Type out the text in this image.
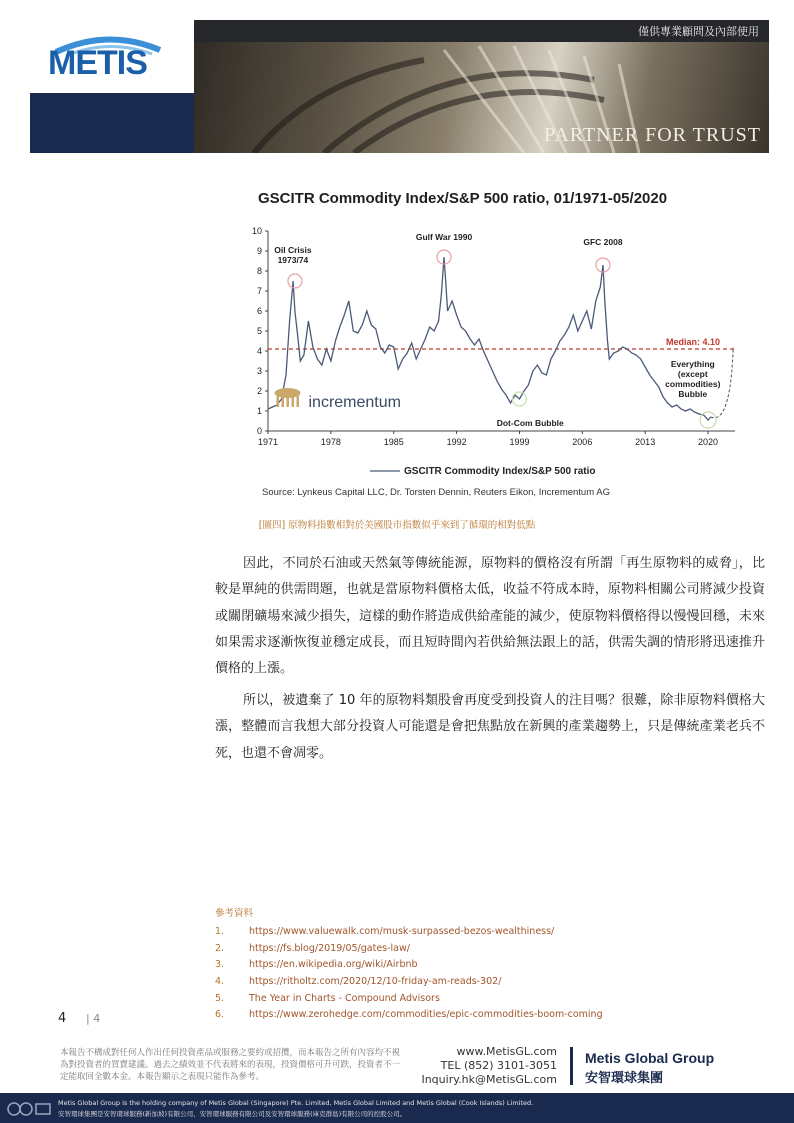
METIS
僅供專業顧問及內部使用
PARTNER FOR TRUST
GSCITR Commodity Index/S&P 500 ratio, 01/1971-05/2020
0
1
2
3
4
5
6
7
8
9
10
1971	1978	1985	1992	1999	2006	2013	2020
Median: 4.10
Oil Crisis
1973/74
Gulf War 1990	GFC 2008
Dot-Com Bubble
Everything
(except
commodities)
Bubble
incrementum
GSCITR Commodity Index/S&P 500 ratio
Source: Lynkeus Capital LLC, Dr. Torsten Dennin, Reuters Eikon, Incrementum AG
[圖四] 原物料指數相對於美國股市指數似乎來到了循環的相對低點
因此，不同於石油或天然氣等傳統能源，原物料的價格沒有所謂「再生原物料的威脅」，比較是單純的供需問題，也就是當原物料價格太低，收益不符成本時，原物料相關公司將減少投資或關閉礦場來減少損失，這樣的動作將造成供給產能的減少，使原物料價格得以慢慢回穩，未來如果需求逐漸恢復並穩定成長，而且短時間內若供給無法跟上的話，供需失調的情形將迅速推升價格的上漲。
所以，被遺棄了 10 年的原物料類股會再度受到投資人的注目嗎？很難，除非原物料價格大漲，整體而言我想大部分投資人可能還是會把焦點放在新興的產業趨勢上，只是傳統產業老兵不死，也還不會凋零。
參考資料
1.	https://www.valuewalk.com/musk-surpassed-bezos-wealthiness/
2.	https://fs.blog/2019/05/gates-law/
3.	https://en.wikipedia.org/wiki/Airbnb
4.	https://ritholtz.com/2020/12/10-friday-am-reads-302/
5.	The Year in Charts - Compound Advisors
6.	https://www.zerohedge.com/commodities/epic-commodities-boom-coming
4 | 4
本報告不構成對任何人作出任何投資產品或服務之要約或招攬，而本報告之所有內容均不視為對投資者的買賣建議。過去之績效並不代表將來的表現，投資價格可升可跌，投資者不一定能取回全數本金。本報告顯示之表現只能作為參考。
www.MetisGL.com
TEL (852) 3101-3051
Inquiry.hk@MetisGL.com
Metis Global Group
安智環球集團
Metis Global Group is the holding company of Metis Global (Singapore) Pte. Limited, Metis Global Limited and Metis Global (Cook Islands) Limited.
安智環球集團是安智環球服務(新加坡)有限公司、安智環球服務有限公司及安智環球服務(庫克群島)有限公司的控股公司。
